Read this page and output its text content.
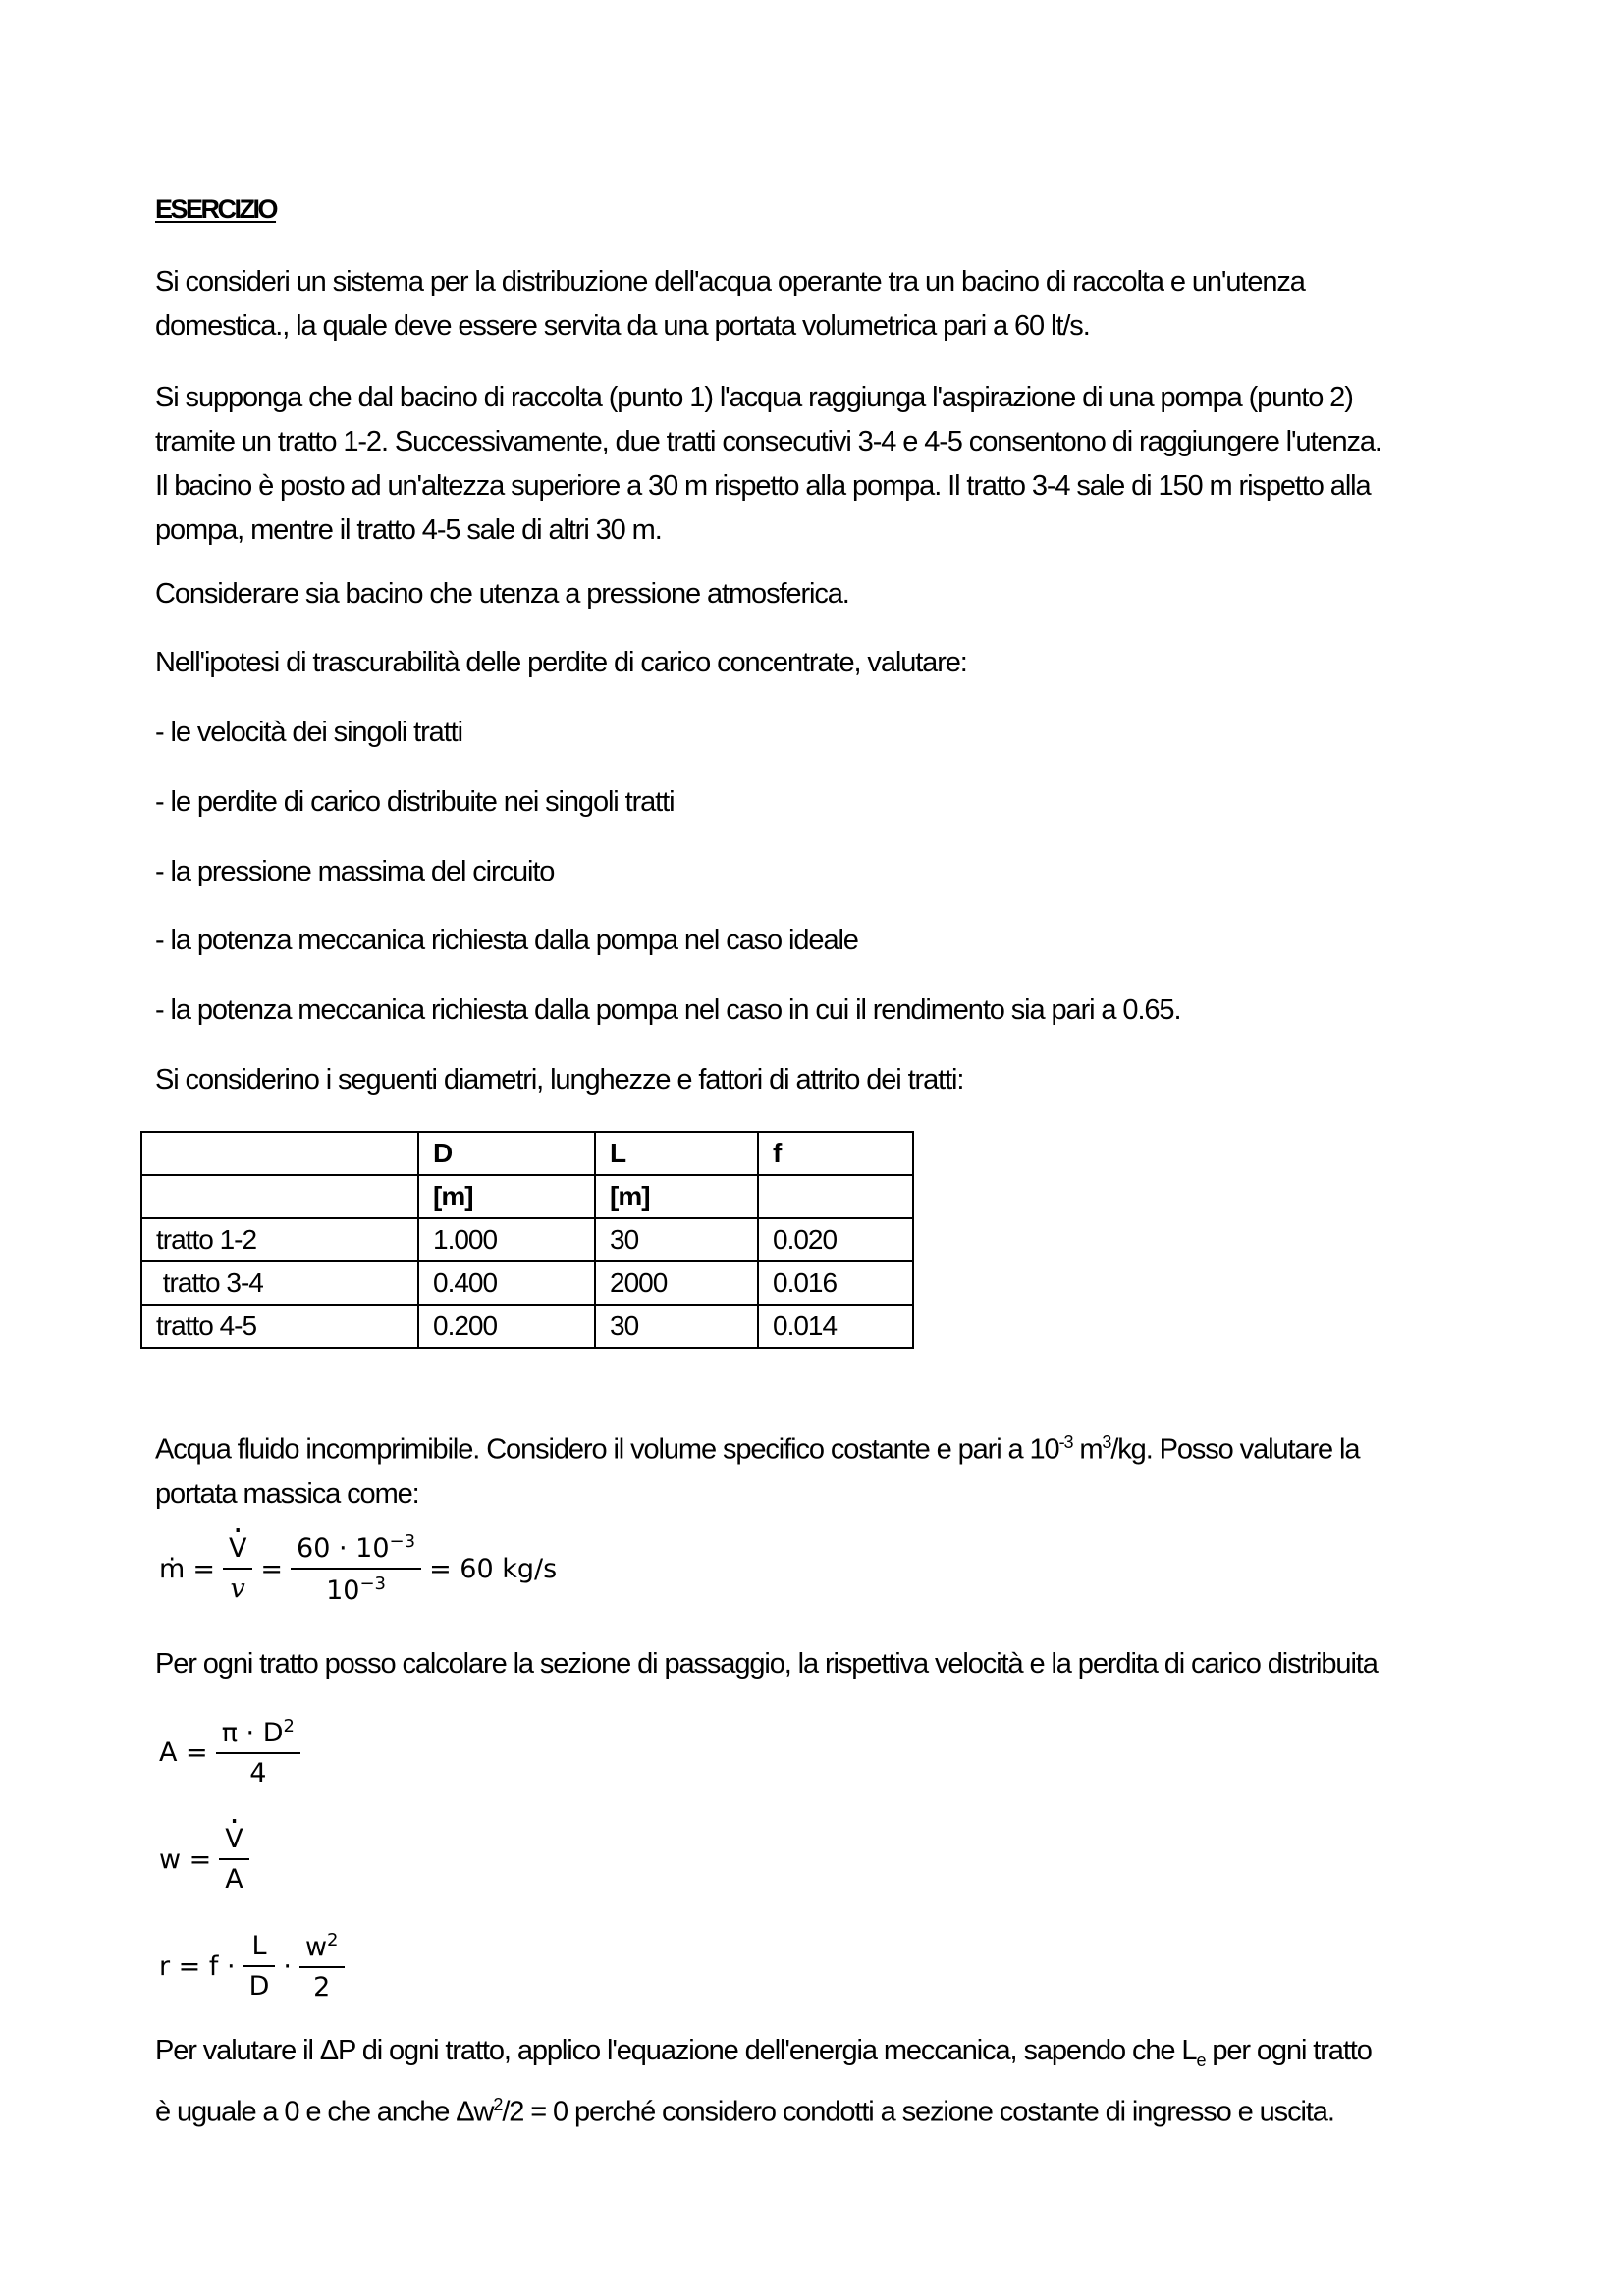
ESERCIZIO

Si consideri un sistema per la distribuzione dell'acqua operante tra un bacino di raccolta e un'utenza
domestica., la quale deve essere servita da una portata volumetrica pari a 60 lt/s.

Si supponga che dal bacino di raccolta (punto 1) l'acqua raggiunga l'aspirazione di una pompa (punto 2)
tramite un tratto 1-2. Successivamente, due tratti consecutivi 3-4 e 4-5 consentono di raggiungere l'utenza.
Il bacino è posto ad un'altezza superiore a 30 m rispetto alla pompa. Il tratto 3-4 sale di 150 m rispetto alla
pompa, mentre il tratto 4-5 sale di altri 30 m.

Considerare sia bacino che utenza a pressione atmosferica.

Nell'ipotesi di trascurabilità delle perdite di carico concentrate, valutare:

- le velocità dei singoli tratti

- le perdite di carico distribuite nei singoli tratti

- la pressione massima del circuito

- la potenza meccanica richiesta dalla pompa nel caso ideale

- la potenza meccanica richiesta dalla pompa nel caso in cui il rendimento sia pari a 0.65.

Si considerino i seguenti diametri, lunghezze e fattori di attrito dei tratti:

	D	L	f
	[m]	[m]	
tratto 1-2	1.000	30	0.020
tratto 3-4	0.400	2000	0.016
tratto 4-5	0.200	30	0.014

Acqua fluido incomprimibile. Considero il volume specifico costante e pari a $10^{-3}$ $m^3/kg$. Posso valutare la
portata massica come:

ṁ = · $\frac{V}{v} = \frac{60 \cdot 10^{-3}}{10^{-3}} = 60$ kg/s

Per ogni tratto posso calcolare la sezione di passaggio, la rispettiva velocità e la perdita di carico distribuita

$A = \frac{\pi \cdot D^2}{4}$
w = · $\frac{V}{A}$
$r = f \cdot \frac{L}{D} \cdot \frac{w^2}{2}$

Per valutare il ΔP di ogni tratto, applico l'equazione dell'energia meccanica, sapendo che $L_e$ per ogni tratto
è uguale a 0 e che anche $\Delta w^2/2 = 0$ perché considero condotti a sezione costante di ingresso e uscita.
